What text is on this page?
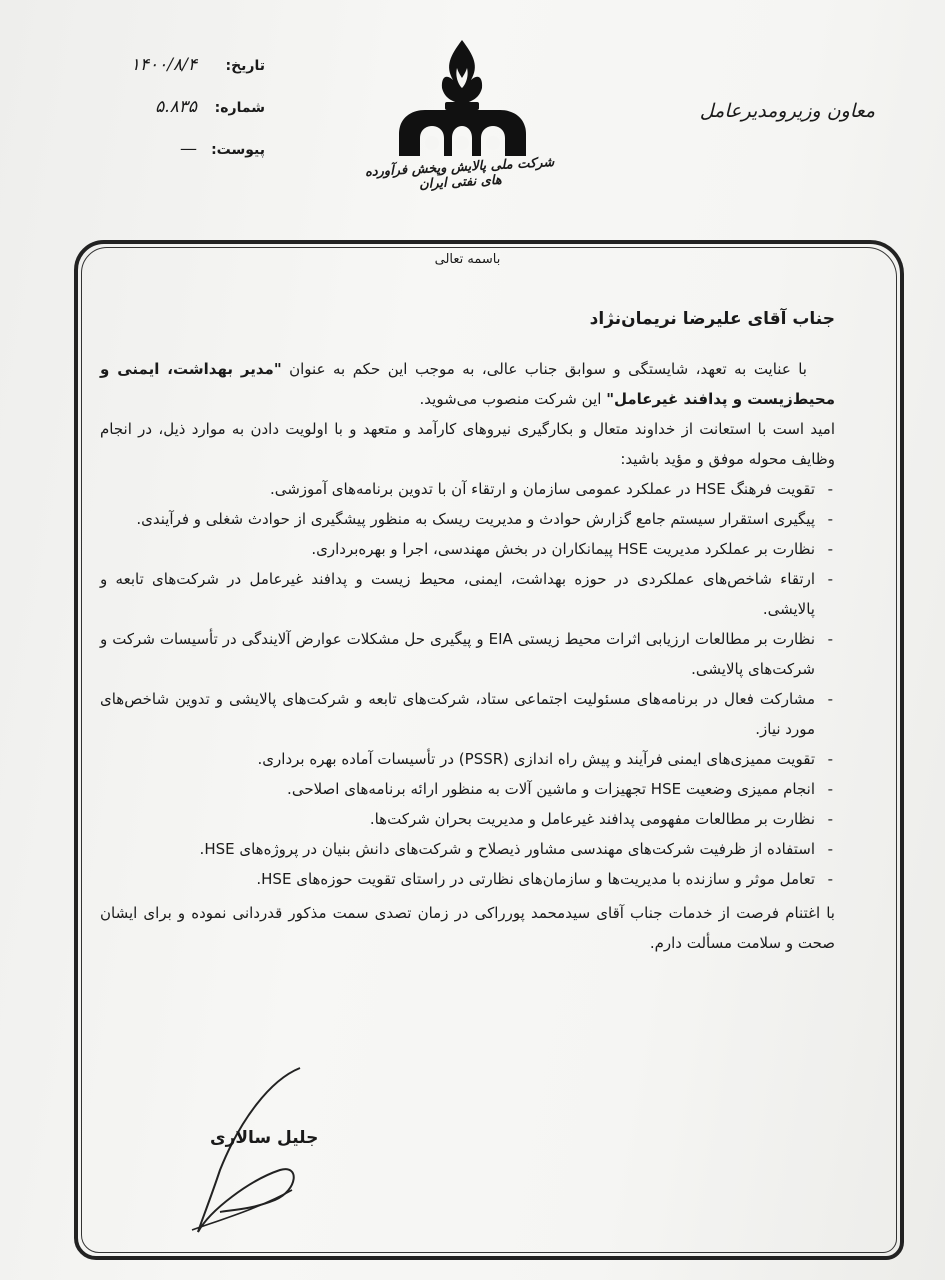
تاریخ:
۱۴۰۰/۸/۴
شماره:
۵.۸۳۵
پیوست:
—
شرکت ملی پالایش وپخش فرآورده های نفتی ایران
معاون وزیرومدیرعامل
باسمه تعالی
جناب آقای علیرضا نریمان‌نژاد

با عنایت به تعهد، شایستگی و سوابق جناب عالی، به موجب این حکم به عنوان "مدیر بهداشت، ایمنی و محیط‌زیست و پدافند غیرعامل" این شرکت منصوب می‌شوید.

امید است با استعانت از خداوند متعال و بکارگیری نیروهای کارآمد و متعهد و با اولویت دادن به موارد ذیل، در انجام وظایف محوله موفق و مؤید باشید:

- تقویت فرهنگ HSE در عملکرد عمومی سازمان و ارتقاء آن با تدوین برنامه‌های آموزشی.
- پیگیری استقرار سیستم جامع گزارش حوادث و مدیریت ریسک به منظور پیشگیری از حوادث شغلی و فرآیندی.
- نظارت بر عملکرد مدیریت HSE پیمانکاران در بخش مهندسی، اجرا و بهره‌برداری.
- ارتقاء شاخص‌های عملکردی در حوزه بهداشت، ایمنی، محیط زیست و پدافند غیرعامل در شرکت‌های تابعه و پالایشی.
- نظارت بر مطالعات ارزیابی اثرات محیط زیستی EIA و پیگیری حل مشکلات عوارض آلایندگی در تأسیسات شرکت و شرکت‌های پالایشی.
- مشارکت فعال در برنامه‌های مسئولیت اجتماعی ستاد، شرکت‌های تابعه و شرکت‌های پالایشی و تدوین شاخص‌های مورد نیاز.
- تقویت ممیزی‌های ایمنی فرآیند و پیش راه اندازی (PSSR) در تأسیسات آماده بهره برداری.
- انجام ممیزی وضعیت HSE تجهیزات و ماشین آلات به منظور ارائه برنامه‌های اصلاحی.
- نظارت بر مطالعات مفهومی پدافند غیرعامل و مدیریت بحران شرکت‌ها.
- استفاده از ظرفیت شرکت‌های مهندسی مشاور ذیصلاح و شرکت‌های دانش بنیان در پروژه‌های HSE.
- تعامل موثر و سازنده با مدیریت‌ها و سازمان‌های نظارتی در راستای تقویت حوزه‌های HSE.

با اغتنام فرصت از خدمات جناب آقای سیدمحمد پورراکی در زمان تصدی سمت مذکور قدردانی نموده و برای ایشان صحت و سلامت مسألت دارم.

جلیل سالاری
